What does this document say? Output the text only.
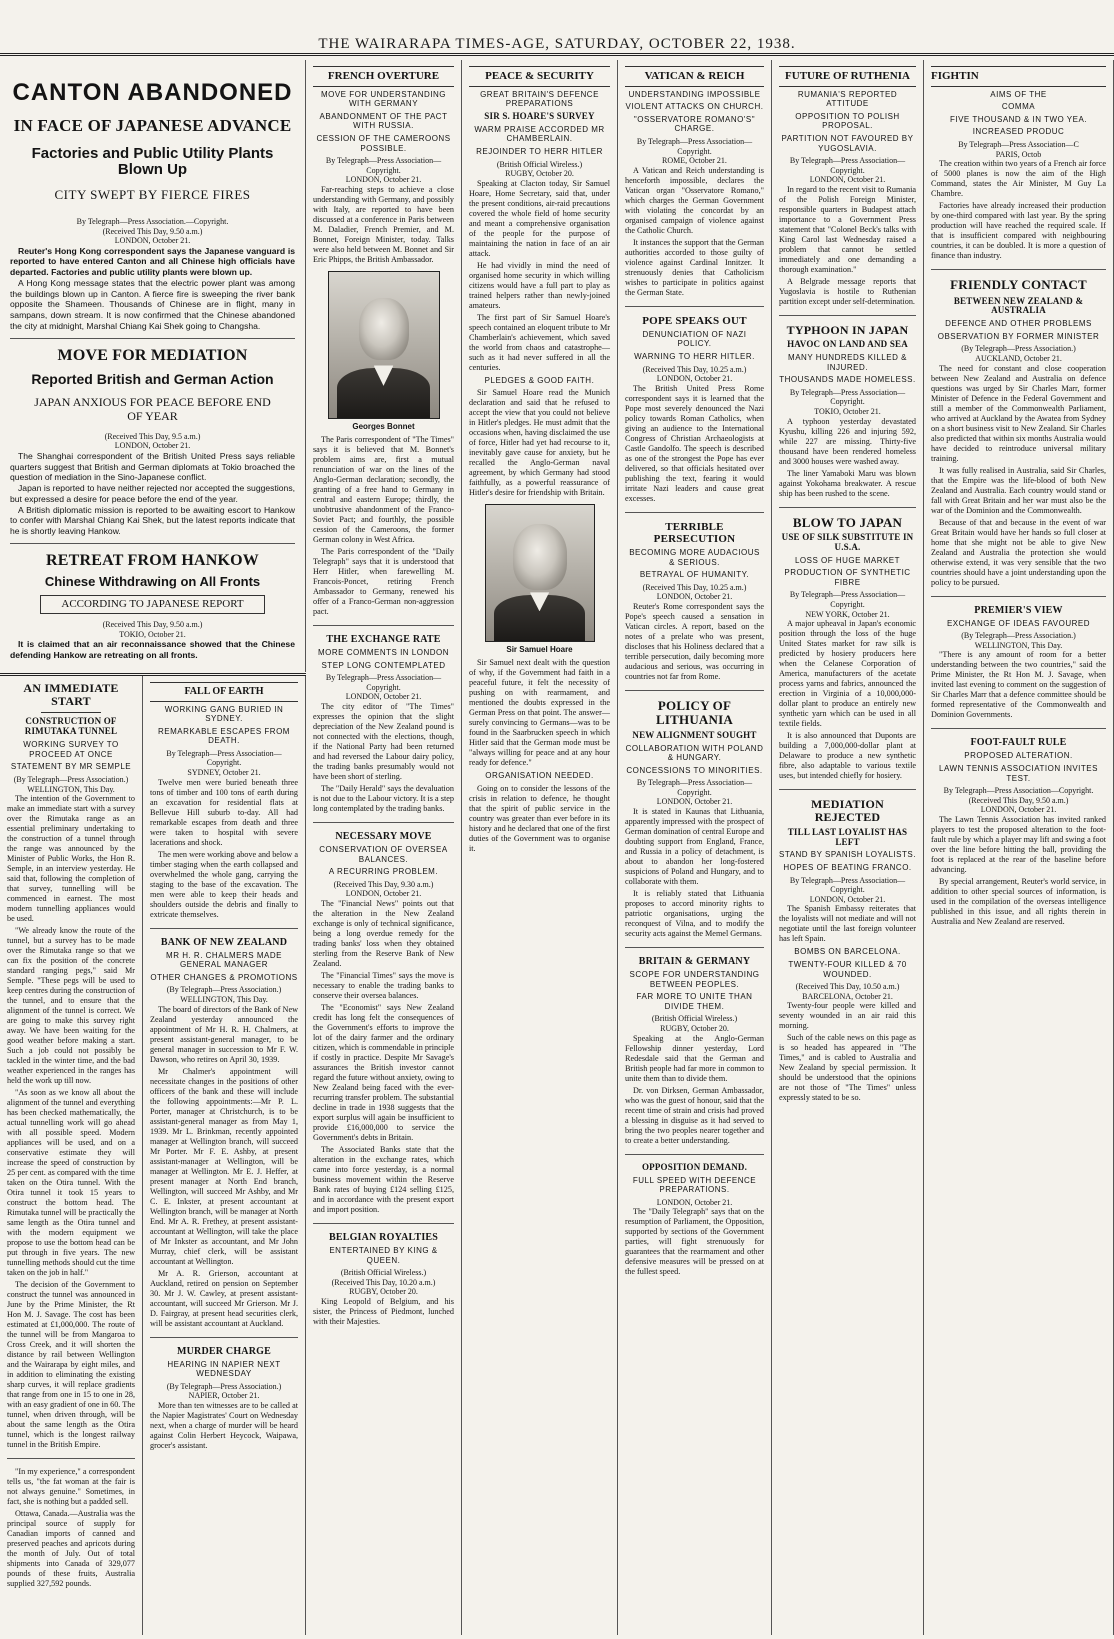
THE WAIRARAPA TIMES-AGE, SATURDAY, OCTOBER 22, 1938.
CANTON ABANDONED
IN FACE OF JAPANESE ADVANCE
Factories and Public Utility Plants Blown Up
CITY SWEPT BY FIERCE FIRES
By Telegraph—Press Association.—Copyright.
(Received This Day, 9.50 a.m.)
LONDON, October 21.

Reuter's Hong Kong correspondent says the Japanese vanguard is reported to have entered Canton and all Chinese high officials have departed. Factories and public utility plants were blown up.

A Hong Kong message states that the electric power plant was among the buildings blown up in Canton. A fierce fire is sweeping the river bank opposite the Shameen. Thousands of Chinese are in flight, many in sampans, down stream. It is now confirmed that the Chinese abandoned the city at midnight, Marshal Chiang Kai Shek going to Changsha.

MOVE FOR MEDIATION
Reported British and German Action
JAPAN ANXIOUS FOR PEACE BEFORE END OF YEAR
(Received This Day, 9.5 a.m.)
LONDON, October 21.

The Shanghai correspondent of the British United Press says reliable quarters suggest that British and German diplomats at Tokio broached the question of mediation in the Sino-Japanese conflict.

Japan is reported to have neither rejected nor accepted the suggestions, but expressed a desire for peace before the end of the year.

A British diplomatic mission is reported to be awaiting escort to Hankow to confer with Marshal Chiang Kai Shek, but the latest reports indicate that he is shortly leaving Hankow.

RETREAT FROM HANKOW
Chinese Withdrawing on All Fronts
ACCORDING TO JAPANESE REPORT
(Received This Day, 9.50 a.m.)
TOKIO, October 21.

It is claimed that an air reconnaissance showed that the Chinese defending Hankow are retreating on all fronts.

AN IMMEDIATE START
CONSTRUCTION OF RIMUTAKA TUNNEL
WORKING SURVEY TO PROCEED AT ONCE
STATEMENT BY MR SEMPLE
(By Telegraph—Press Association.)
WELLINGTON, This Day.

The intention of the Government to make an immediate start with a survey over the Rimutaka range as an essential preliminary undertaking to the construction of a tunnel through the range was announced by the Minister of Public Works, the Hon R. Semple, in an interview yesterday. He said that, following the completion of that survey, tunnelling will be commenced in earnest. The most modern tunnelling appliances would be used.

"We already know the route of the tunnel, but a survey has to be made over the Rimutaka range so that we can fix the position of the concrete standard ranging pegs," said Mr Semple. "These pegs will be used to keep centres during the construction of the tunnel, and to ensure that the alignment of the tunnel is correct. We are going to make this survey right away. We have been waiting for the good weather before making a start. Such a job could not possibly be tackled in the winter time, and the bad weather experienced in the ranges has held the work up till now.

"As soon as we know all about the alignment of the tunnel and everything has been checked mathematically, the actual tunnelling work will go ahead with all possible speed. Modern appliances will be used, and on a conservative estimate they will increase the speed of construction by 25 per cent. as compared with the time taken on the Otira tunnel. With the Otira tunnel it took 15 years to construct the bottom head. The Rimutaka tunnel will be practically the same length as the Otira tunnel and with the modern equipment we propose to use the bottom head can be put through in five years. The new tunnelling methods should cut the time taken on the job in half."

The decision of the Government to construct the tunnel was announced in June by the Prime Minister, the Rt Hon M. J. Savage. The cost has been estimated at £1,000,000. The route of the tunnel will be from Mangaroa to Cross Creek, and it will shorten the distance by rail between Wellington and the Wairarapa by eight miles, and in addition to eliminating the existing sharp curves, it will replace gradients that range from one in 15 to one in 28, with an easy gradient of one in 60. The tunnel, when driven through, will be about the same length as the Otira tunnel, which is the longest railway tunnel in the British Empire.

"In my experience," a correspondent tells us, "the fat woman at the fair is not always genuine." Sometimes, in fact, she is nothing but a padded sell.

Ottawa, Canada.—Australia was the principal source of supply for Canadian imports of canned and preserved peaches and apricots during the month of July. Out of total shipments into Canada of 329,077 pounds of these fruits, Australia supplied 327,592 pounds.

FALL OF EARTH
WORKING GANG BURIED IN SYDNEY.
REMARKABLE ESCAPES FROM DEATH.
By Telegraph—Press Association—Copyright.
SYDNEY, October 21.

Twelve men were buried beneath three tons of timber and 100 tons of earth during an excavation for residential flats at Bellevue Hill suburb to-day. All had remarkable escapes from death and three were taken to hospital with severe lacerations and shock.

The men were working above and below a timber staging when the earth collapsed and overwhelmed the whole gang, carrying the staging to the base of the excavation. The men were able to keep their heads and shoulders outside the debris and finally to extricate themselves.

BANK OF NEW ZEALAND
MR H. R. CHALMERS MADE GENERAL MANAGER
OTHER CHANGES & PROMOTIONS
(By Telegraph—Press Association.)
WELLINGTON, This Day.

The board of directors of the Bank of New Zealand yesterday announced the appointment of Mr H. R. H. Chalmers, at present assistant-general manager, to be general manager in succession to Mr F. W. Dawson, who retires on April 30, 1939.

Mr Chalmer's appointment will necessitate changes in the positions of other officers of the bank and these will include the following appointments:—Mr P. L. Porter, manager at Christchurch, is to be assistant-general manager as from May 1, 1939. Mr L. Brinkman, recently appointed manager at Wellington branch, will succeed Mr Porter. Mr F. E. Ashby, at present assistant-manager at Wellington, will be manager at Wellington. Mr E. J. Heffer, at present manager at North End branch, Wellington, will succeed Mr Ashby, and Mr C. E. Inkster, at present accountant at Wellington branch, will be manager at North End. Mr A. R. Frethey, at present assistant-accountant at Wellington, will take the place of Mr Inkster as accountant, and Mr John Murray, chief clerk, will be assistant accountant at Wellington.

Mr A. R. Grierson, accountant at Auckland, retired on pension on September 30. Mr J. W. Cawley, at present assistant-accountant, will succeed Mr Grierson. Mr J. D. Fairgray, at present head securities clerk, will be assistant accountant at Auckland.

MURDER CHARGE
HEARING IN NAPIER NEXT WEDNESDAY
(By Telegraph—Press Association.)
NAPIER, October 21.

More than ten witnesses are to be called at the Napier Magistrates' Court on Wednesday next, when a charge of murder will be heard against Colin Herbert Heycock, Waipawa, grocer's assistant.

FRENCH OVERTURE
MOVE FOR UNDERSTANDING WITH GERMANY
ABANDONMENT OF THE PACT WITH RUSSIA.
CESSION OF THE CAMEROONS POSSIBLE.
By Telegraph—Press Association—Copyright.
LONDON, October 21.

Far-reaching steps to achieve a close understanding with Germany, and possibly with Italy, are reported to have been discussed at a conference in Paris between M. Daladier, French Premier, and M. Bonnet, Foreign Minister, today. Talks were also held between M. Bonnet and Sir Eric Phipps, the British Ambassador.

Georges Bonnet

The Paris correspondent of "The Times" says it is believed that M. Bonnet's problem aims are, first a mutual renunciation of war on the lines of the Anglo-German declaration; secondly, the granting of a free hand to Germany in central and eastern Europe; thirdly, the unobtrusive abandonment of the Franco-Soviet Pact; and fourthly, the possible cession of the Cameroons, the former German colony in West Africa.

The Paris correspondent of the "Daily Telegraph" says that it is understood that Herr Hitler, when farewelling M. Francois-Poncet, retiring French Ambassador to Germany, renewed his offer of a Franco-German non-aggression pact.

THE EXCHANGE RATE
MORE COMMENTS IN LONDON
STEP LONG CONTEMPLATED
By Telegraph—Press Association—Copyright.
LONDON, October 21.

The city editor of "The Times" expresses the opinion that the slight depreciation of the New Zealand pound is not connected with the elections, though, if the National Party had been returned and had reversed the Labour dairy policy, the trading banks presumably would not have been short of sterling.

The "Daily Herald" says the devaluation is not due to the Labour victory. It is a step long contemplated by the trading banks.

NECESSARY MOVE
CONSERVATION OF OVERSEA BALANCES.
A RECURRING PROBLEM.
(Received This Day, 9.30 a.m.)
LONDON, October 21.

The "Financial News" points out that the alteration in the New Zealand exchange is only of technical significance, being a long overdue remedy for the trading banks' loss when they obtained sterling from the Reserve Bank of New Zealand.

The "Financial Times" says the move is necessary to enable the trading banks to conserve their oversea balances.

The "Economist" says New Zealand credit has long felt the consequences of the Government's efforts to improve the lot of the dairy farmer and the ordinary citizen, which is commendable in principle if costly in practice. Despite Mr Savage's assurances the British investor cannot regard the future without anxiety, owing to New Zealand being faced with the ever-recurring transfer problem. The substantial decline in trade in 1938 suggests that the export surplus will again be insufficient to provide £16,000,000 to service the Government's debts in Britain.

The Associated Banks state that the alteration in the exchange rates, which came into force yesterday, is a normal business movement within the Reserve Bank rates of buying £124 selling £125, and in accordance with the present export and import position.

BELGIAN ROYALTIES
ENTERTAINED BY KING & QUEEN.
(British Official Wireless.)
(Received This Day, 10.20 a.m.)
RUGBY, October 20.

King Leopold of Belgium, and his sister, the Princess of Piedmont, lunched with their Majesties.

PEACE & SECURITY
GREAT BRITAIN'S DEFENCE PREPARATIONS
SIR S. HOARE'S SURVEY
WARM PRAISE ACCORDED MR CHAMBERLAIN.
REJOINDER TO HERR HITLER
(British Official Wireless.)
RUGBY, October 20.

Speaking at Clacton today, Sir Samuel Hoare, Home Secretary, said that, under the present conditions, air-raid precautions covered the whole field of home security and meant a comprehensive organisation of the people for the purpose of maintaining the nation in face of an air attack.

He had vividly in mind the need of organised home security in which willing citizens would have a full part to play as trained helpers rather than newly-joined amateurs.

The first part of Sir Samuel Hoare's speech contained an eloquent tribute to Mr Chamberlain's achievement, which saved the world from chaos and catastrophe—such as it had never suffered in all the centuries.

PLEDGES & GOOD FAITH.

Sir Samuel Hoare read the Munich declaration and said that he refused to accept the view that you could not believe in Hitler's pledges. He must admit that the occasions when, having disclaimed the use of force, Hitler had yet had recourse to it, inevitably gave cause for anxiety, but he recalled the Anglo-German naval agreement, by which Germany had stood faithfully, as a powerful reassurance of Hitler's desire for friendship with Britain.

Sir Samuel Hoare

Sir Samuel next dealt with the question of why, if the Government had faith in a peaceful future, it felt the necessity of pushing on with rearmament, and mentioned the doubts expressed in the German Press on that point. The answer—surely convincing to Germans—was to be found in the Saarbrucken speech in which Hitler said that the German mode must be "always willing for peace and at any hour ready for defence."

ORGANISATION NEEDED.

Going on to consider the lessons of the crisis in relation to defence, he thought that the spirit of public service in the country was greater than ever before in its history and he declared that one of the first duties of the Government was to organise it.

VATICAN & REICH
UNDERSTANDING IMPOSSIBLE
VIOLENT ATTACKS ON CHURCH.
"OSSERVATORE ROMANO'S" CHARGE.
By Telegraph—Press Association—Copyright.
ROME, October 21.

A Vatican and Reich understanding is henceforth impossible, declares the Vatican organ "Osservatore Romano," which charges the German Government with violating the concordat by an organised campaign of violence against the Catholic Church.

It instances the support that the German authorities accorded to those guilty of violence against Cardinal Innitzer. It strenuously denies that Catholicism wishes to participate in politics against the German State.

POPE SPEAKS OUT
DENUNCIATION OF NAZI POLICY.
WARNING TO HERR HITLER.
(Received This Day, 10.25 a.m.)
LONDON, October 21.

The British United Press Rome correspondent says it is learned that the Pope most severely denounced the Nazi policy towards Roman Catholics, when giving an audience to the International Congress of Christian Archaeologists at Castle Gandolfo. The speech is described as one of the strongest the Pope has ever delivered, so that officials hesitated over publishing the text, fearing it would irritate Nazi leaders and cause great excesses.

TERRIBLE PERSECUTION
BECOMING MORE AUDACIOUS & SERIOUS.
BETRAYAL OF HUMANITY.
(Received This Day, 10.25 a.m.)
LONDON, October 21.

Reuter's Rome correspondent says the Pope's speech caused a sensation in Vatican circles. A report, based on the notes of a prelate who was present, discloses that his Holiness declared that a terrible persecution, daily becoming more audacious and serious, was occurring in countries not far from Rome.

POLICY OF LITHUANIA
NEW ALIGNMENT SOUGHT
COLLABORATION WITH POLAND & HUNGARY.
CONCESSIONS TO MINORITIES.
By Telegraph—Press Association—Copyright.
LONDON, October 21.

It is stated in Kaunas that Lithuania, apparently impressed with the prospect of German domination of central Europe and doubting support from England, France, and Russia in a policy of detachment, is about to abandon her long-fostered suspicions of Poland and Hungary, and to collaborate with them.

It is reliably stated that Lithuania proposes to accord minority rights to patriotic organisations, urging the reconquest of Vilna, and to modify the security acts against the Memel Germans.

BRITAIN & GERMANY
SCOPE FOR UNDERSTANDING BETWEEN PEOPLES.
FAR MORE TO UNITE THAN DIVIDE THEM.
(British Official Wireless.)
RUGBY, October 20.

Speaking at the Anglo-German Fellowship dinner yesterday, Lord Redesdale said that the German and British people had far more in common to unite them than to divide them.

Dr. von Dirksen, German Ambassador, who was the guest of honour, said that the recent time of strain and crisis had proved a blessing in disguise as it had served to bring the two peoples nearer together and to create a better understanding.

OPPOSITION DEMAND.
FULL SPEED WITH DEFENCE PREPARATIONS.
LONDON, October 21.

The "Daily Telegraph" says that on the resumption of Parliament, the Opposition, supported by sections of the Government parties, will fight strenuously for guarantees that the rearmament and other defensive measures will be pressed on at the fullest speed.

FUTURE OF RUTHENIA
RUMANIA'S REPORTED ATTITUDE
OPPOSITION TO POLISH PROPOSAL.
PARTITION NOT FAVOURED BY YUGOSLAVIA.
By Telegraph—Press Association—Copyright.
LONDON, October 21.

In regard to the recent visit to Rumania of the Polish Foreign Minister, responsible quarters in Budapest attach importance to a Government Press statement that "Colonel Beck's talks with King Carol last Wednesday raised a problem that cannot be settled immediately and one demanding a thorough examination."

A Belgrade message reports that Yugoslavia is hostile to Ruthenian partition except under self-determination.

TYPHOON IN JAPAN
HAVOC ON LAND AND SEA
MANY HUNDREDS KILLED & INJURED.
THOUSANDS MADE HOMELESS.
By Telegraph—Press Association—Copyright.
TOKIO, October 21.

A typhoon yesterday devastated Kyushu, killing 226 and injuring 592, while 227 are missing. Thirty-five thousand have been rendered homeless and 3000 houses were washed away.

The liner Yamaboki Maru was blown against Yokohama breakwater. A rescue ship has been rushed to the scene.

BLOW TO JAPAN
USE OF SILK SUBSTITUTE IN U.S.A.
LOSS OF HUGE MARKET
PRODUCTION OF SYNTHETIC FIBRE
By Telegraph—Press Association—Copyright.
NEW YORK, October 21.

A major upheaval in Japan's economic position through the loss of the huge United States market for raw silk is predicted by hosiery producers here when the Celanese Corporation of America, manufacturers of the acetate process yarns and fabrics, announced the erection in Virginia of a 10,000,000-dollar plant to produce an entirely new synthetic yarn which can be used in all textile fields.

It is also announced that Duponts are building a 7,000,000-dollar plant at Delaware to produce a new synthetic fibre, also adaptable to various textile uses, but intended chiefly for hosiery.

MEDIATION REJECTED
TILL LAST LOYALIST HAS LEFT
STAND BY SPANISH LOYALISTS.
HOPES OF BEATING FRANCO.
By Telegraph—Press Association—Copyright.
LONDON, October 21.

The Spanish Embassy reiterates that the loyalists will not mediate and will not negotiate until the last foreign volunteer has left Spain.

BOMBS ON BARCELONA.
TWENTY-FOUR KILLED & 70 WOUNDED.
(Received This Day, 10.50 a.m.)
BARCELONA, October 21.

Twenty-four people were killed and seventy wounded in an air raid this morning.

Such of the cable news on this page as is so headed has appeared in "The Times," and is cabled to Australia and New Zealand by special permission. It should be understood that the opinions are not those of "The Times" unless expressly stated to be so.

FIGHTIN
AIMS OF THE
COMMA
FIVE THOUSAND & IN TWO YEA.
INCREASED PRODUC
By Telegraph—Press Association—C
PARIS, Octob

The creation within two years of a French air force of 5000 planes is now the aim of the High Command, states the Air Minister, M Guy La Chambre.

Factories have already increased their production by one-third compared with last year. By the spring production will have reached the required scale. If that is insufficient compared with neighbouring countries, it can be doubled. It is more a question of finance than industry.

FRIENDLY CONTACT
BETWEEN NEW ZEALAND & AUSTRALIA
DEFENCE AND OTHER PROBLEMS
OBSERVATION BY FORMER MINISTER
(By Telegraph—Press Association.)
AUCKLAND, October 21.

The need for constant and close cooperation between New Zealand and Australia on defence questions was urged by Sir Charles Marr, former Minister of Defence in the Federal Government and still a member of the Commonwealth Parliament, who arrived at Auckland by the Awatea from Sydney on a short business visit to New Zealand. Sir Charles also predicted that within six months Australia would have decided to reintroduce universal military training.

It was fully realised in Australia, said Sir Charles, that the Empire was the life-blood of both New Zealand and Australia. Each country would stand or fall with Great Britain and her war must also be the war of the Dominion and the Commonwealth.

Because of that and because in the event of war Great Britain would have her hands so full closer at home that she might not be able to give New Zealand and Australia the protection she would otherwise extend, it was very sensible that the two countries should have a joint understanding upon the policy to be pursued.

PREMIER'S VIEW
EXCHANGE OF IDEAS FAVOURED
(By Telegraph—Press Association.)
WELLINGTON, This Day.

"There is any amount of room for a better understanding between the two countries," said the Prime Minister, the Rt Hon M. J. Savage, when invited last evening to comment on the suggestion of Sir Charles Marr that a defence committee should be formed representative of the Commonwealth and Dominion Governments.

FOOT-FAULT RULE
PROPOSED ALTERATION.
LAWN TENNIS ASSOCIATION INVITES TEST.
By Telegraph—Press Association—Copyright.
(Received This Day, 9.50 a.m.)
LONDON, October 21.

The Lawn Tennis Association has invited ranked players to test the proposed alteration to the foot-fault rule by which a player may lift and swing a foot over the line before hitting the ball, providing the foot is replaced at the rear of the baseline before advancing.

By special arrangement, Reuter's world service, in addition to other special sources of information, is used in the compilation of the overseas intelligence published in this issue, and all rights therein in Australia and New Zealand are reserved.
